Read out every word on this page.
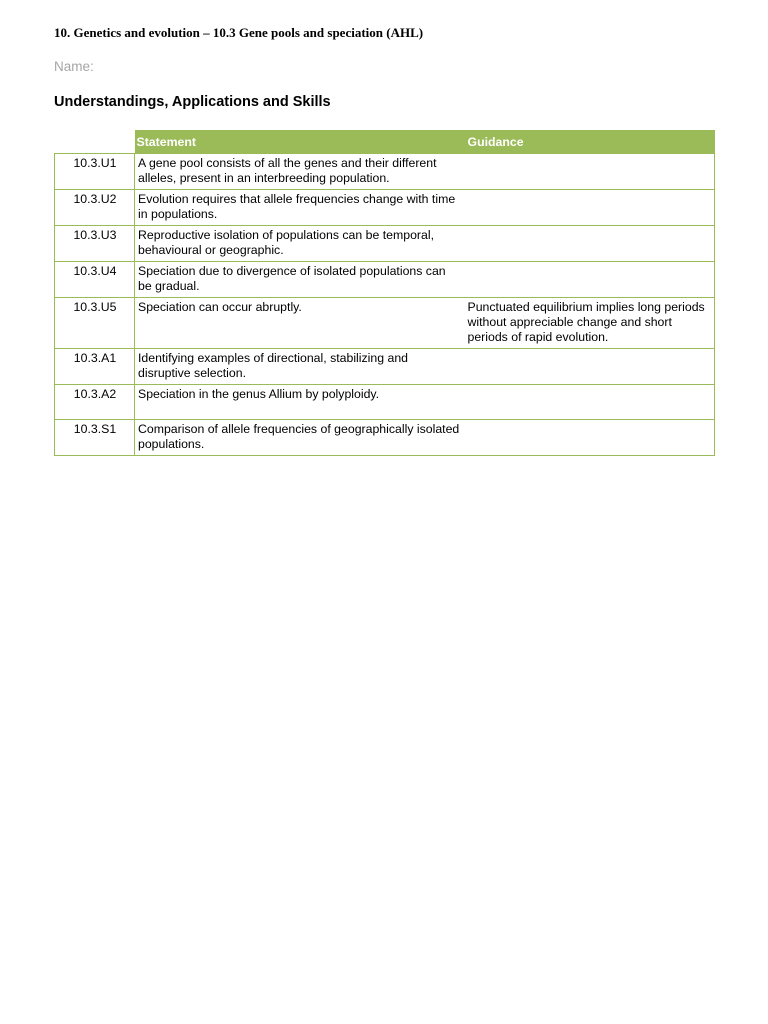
10. Genetics and evolution – 10.3 Gene pools and speciation (AHL)
Name:
Understandings, Applications and Skills
	Statement	Guidance
10.3.U1	A gene pool consists of all the genes and their different alleles, present in an interbreeding population.	
10.3.U2	Evolution requires that allele frequencies change with time in populations.	
10.3.U3	Reproductive isolation of populations can be temporal, behavioural or geographic.	
10.3.U4	Speciation due to divergence of isolated populations can be gradual.	
10.3.U5	Speciation can occur abruptly.	Punctuated equilibrium implies long periods without appreciable change and short periods of rapid evolution.
10.3.A1	Identifying examples of directional, stabilizing and disruptive selection.	
10.3.A2	Speciation in the genus Allium by polyploidy.	
10.3.S1	Comparison of allele frequencies of geographically isolated populations.	
